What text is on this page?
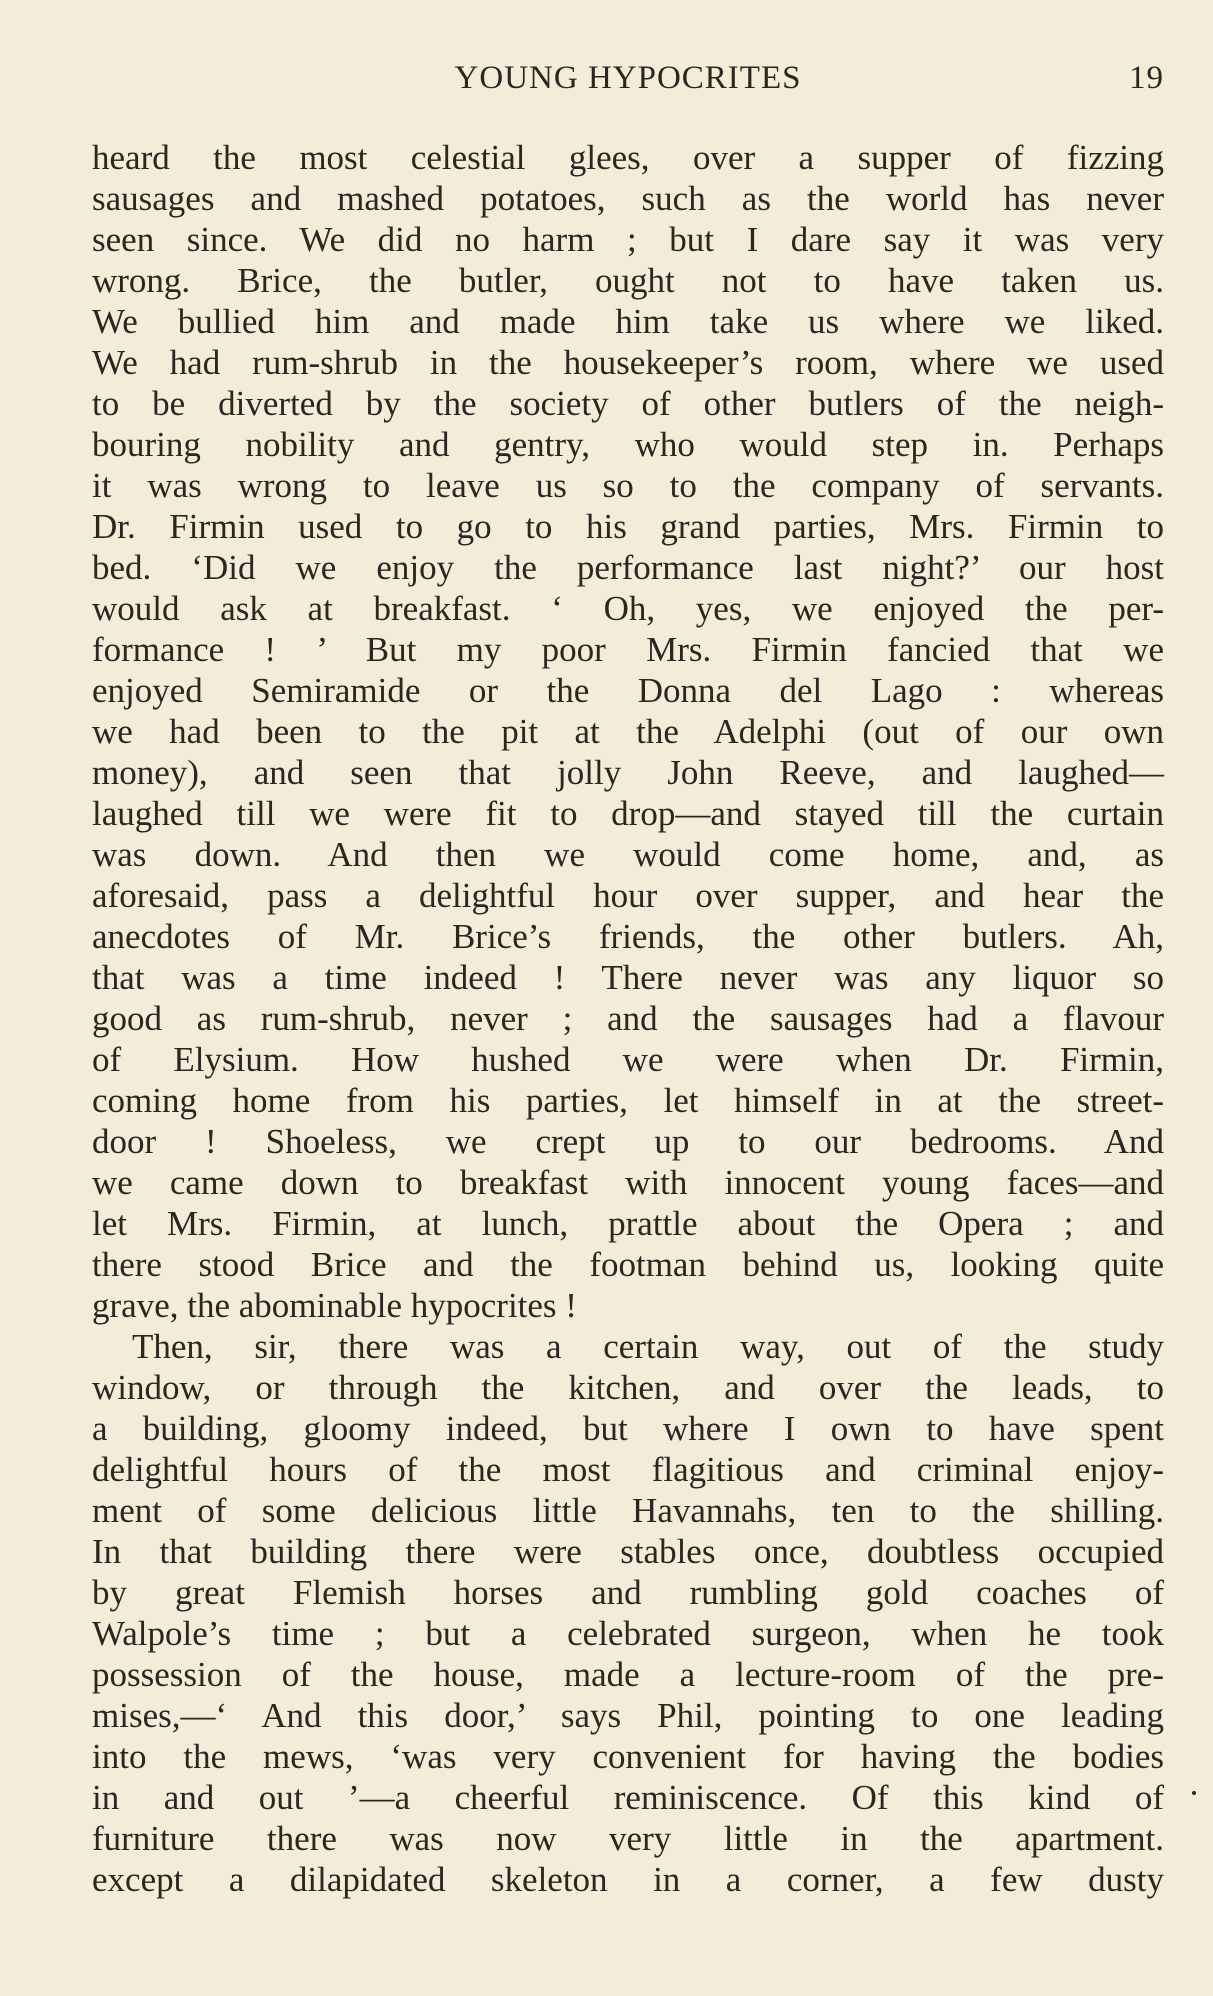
YOUNG HYPOCRITES	19
heard the most celestial glees, over a supper of fizzing
sausages and mashed potatoes, such as the world has never
seen since. We did no harm ; but I dare say it was very
wrong. Brice, the butler, ought not to have taken us.
We bullied him and made him take us where we liked.
We had rum-shrub in the housekeeper’s room, where we used
to be diverted by the society of other butlers of the neigh-
bouring nobility and gentry, who would step in. Perhaps
it was wrong to leave us so to the company of servants.
Dr. Firmin used to go to his grand parties, Mrs. Firmin to
bed. ‘Did we enjoy the performance last night?’ our host
would ask at breakfast. ‘ Oh, yes, we enjoyed the per-
formance ! ’ But my poor Mrs. Firmin fancied that we
enjoyed Semiramide or the Donna del Lago : whereas
we had been to the pit at the Adelphi (out of our own
money), and seen that jolly John Reeve, and laughed—
laughed till we were fit to drop—and stayed till the curtain
was down. And then we would come home, and, as
aforesaid, pass a delightful hour over supper, and hear the
anecdotes of Mr. Brice’s friends, the other butlers. Ah,
that was a time indeed ! There never was any liquor so
good as rum-shrub, never ; and the sausages had a flavour
of Elysium. How hushed we were when Dr. Firmin,
coming home from his parties, let himself in at the street-
door ! Shoeless, we crept up to our bedrooms. And
we came down to breakfast with innocent young faces—and
let Mrs. Firmin, at lunch, prattle about the Opera ; and
there stood Brice and the footman behind us, looking quite
grave, the abominable hypocrites !
Then, sir, there was a certain way, out of the study
window, or through the kitchen, and over the leads, to
a building, gloomy indeed, but where I own to have spent
delightful hours of the most flagitious and criminal enjoy-
ment of some delicious little Havannahs, ten to the shilling.
In that building there were stables once, doubtless occupied
by great Flemish horses and rumbling gold coaches of
Walpole’s time ; but a celebrated surgeon, when he took
possession of the house, made a lecture-room of the pre-
mises,—‘ And this door,’ says Phil, pointing to one leading
into the mews, ‘was very convenient for having the bodies
in and out ’—a cheerful reminiscence. Of this kind of
furniture there was now very little in the apartment.
except a dilapidated skeleton in a corner, a few dusty
